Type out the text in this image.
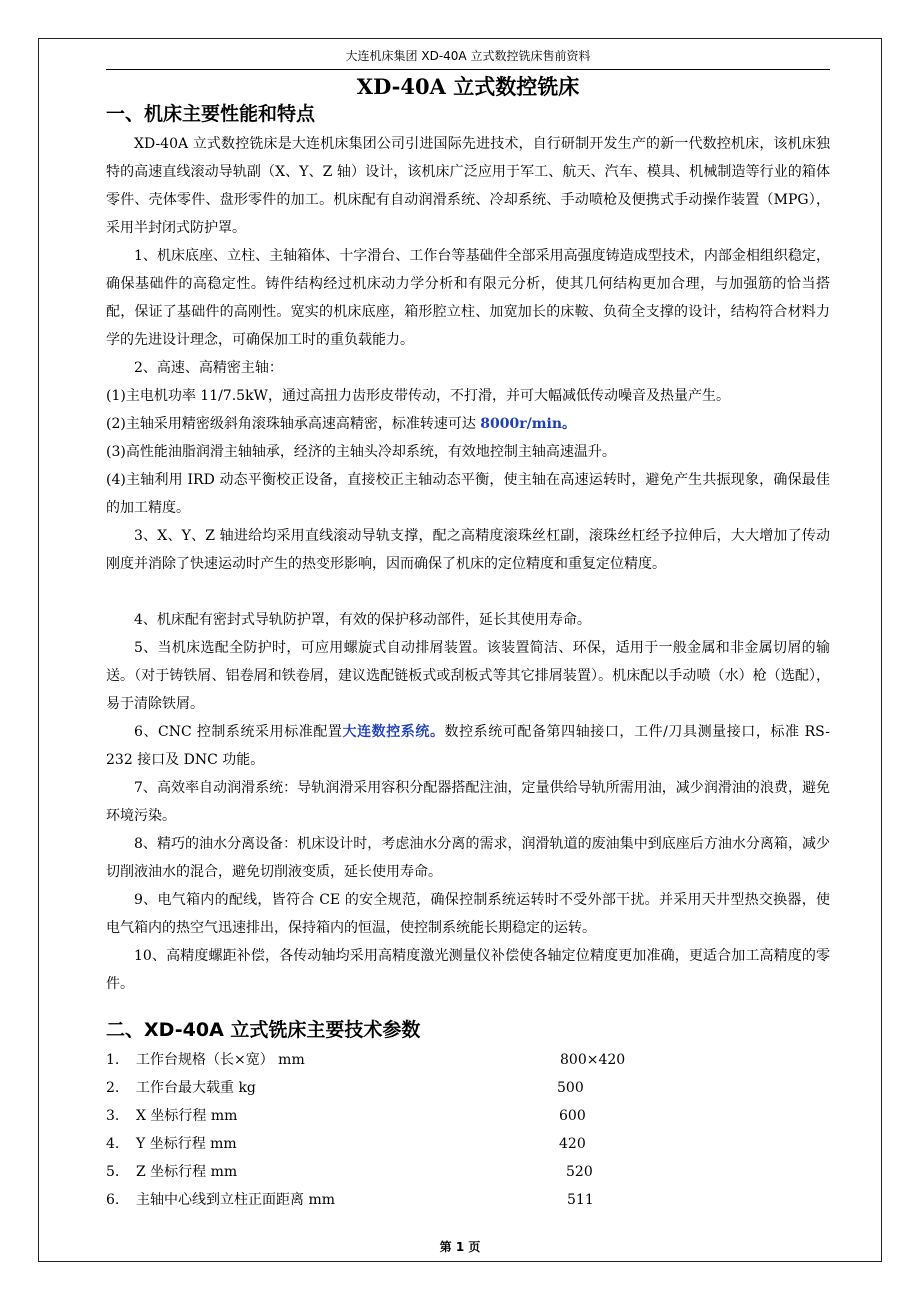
大连机床集团 XD-40A 立式数控铣床售前资料
XD-40A 立式数控铣床
一、机床主要性能和特点

XD-40A 立式数控铣床是大连机床集团公司引进国际先进技术，自行研制开发生产的新一代数控机床，该机床独特的高速直线滚动导轨副（X、Y、Z 轴）设计，该机床广泛应用于军工、航天、汽车、模具、机械制造等行业的箱体零件、壳体零件、盘形零件的加工。机床配有自动润滑系统、冷却系统、手动喷枪及便携式手动操作装置（MPG），采用半封闭式防护罩。

1、机床底座、立柱、主轴箱体、十字滑台、工作台等基础件全部采用高强度铸造成型技术，内部金相组织稳定，确保基础件的高稳定性。铸件结构经过机床动力学分析和有限元分析，使其几何结构更加合理，与加强筋的恰当搭配，保证了基础件的高刚性。宽实的机床底座，箱形腔立柱、加宽加长的床鞍、负荷全支撑的设计，结构符合材料力学的先进设计理念，可确保加工时的重负载能力。

2、高速、高精密主轴：

(1)主电机功率 11/7.5kW，通过高扭力齿形皮带传动，不打滑，并可大幅减低传动噪音及热量产生。

(2)主轴采用精密级斜角滚珠轴承高速高精密，标准转速可达 8000r/min。

(3)高性能油脂润滑主轴轴承，经济的主轴头冷却系统，有效地控制主轴高速温升。

(4)主轴利用 IRD 动态平衡校正设备，直接校正主轴动态平衡，使主轴在高速运转时，避免产生共振现象，确保最佳的加工精度。

3、X、Y、Z 轴进给均采用直线滚动导轨支撑，配之高精度滚珠丝杠副，滚珠丝杠经予拉伸后，大大增加了传动刚度并消除了快速运动时产生的热变形影响，因而确保了机床的定位精度和重复定位精度。

4、机床配有密封式导轨防护罩，有效的保护移动部件，延长其使用寿命。

5、当机床选配全防护时，可应用螺旋式自动排屑装置。该装置简洁、环保，适用于一般金属和非金属切屑的输送。（对于铸铁屑、铝卷屑和铁卷屑，建议选配链板式或刮板式等其它排屑装置）。机床配以手动喷（水）枪（选配），易于清除铁屑。

6、CNC 控制系统采用标准配置大连数控系统。数控系统可配备第四轴接口，工件/刀具测量接口，标准 RS-232 接口及 DNC 功能。

7、高效率自动润滑系统：导轨润滑采用容积分配器搭配注油，定量供给导轨所需用油，减少润滑油的浪费，避免环境污染。

8、精巧的油水分离设备：机床设计时，考虑油水分离的需求，润滑轨道的废油集中到底座后方油水分离箱，减少切削液油水的混合，避免切削液变质，延长使用寿命。

9、电气箱内的配线，皆符合 CE 的安全规范，确保控制系统运转时不受外部干扰。并采用天井型热交换器，使电气箱内的热空气迅速排出，保持箱内的恒温，使控制系统能长期稳定的运转。

10、高精度螺距补偿，各传动轴均采用高精度激光测量仪补偿使各轴定位精度更加准确，更适合加工高精度的零件。

二、XD-40A 立式铣床主要技术参数
1. 工作台规格（长×宽） mm	800×420
2. 工作台最大载重 kg	500
3. X 坐标行程 mm	600
4. Y 坐标行程 mm	420
5. Z 坐标行程 mm	520
6. 主轴中心线到立柱正面距离 mm	511
第 1 页
